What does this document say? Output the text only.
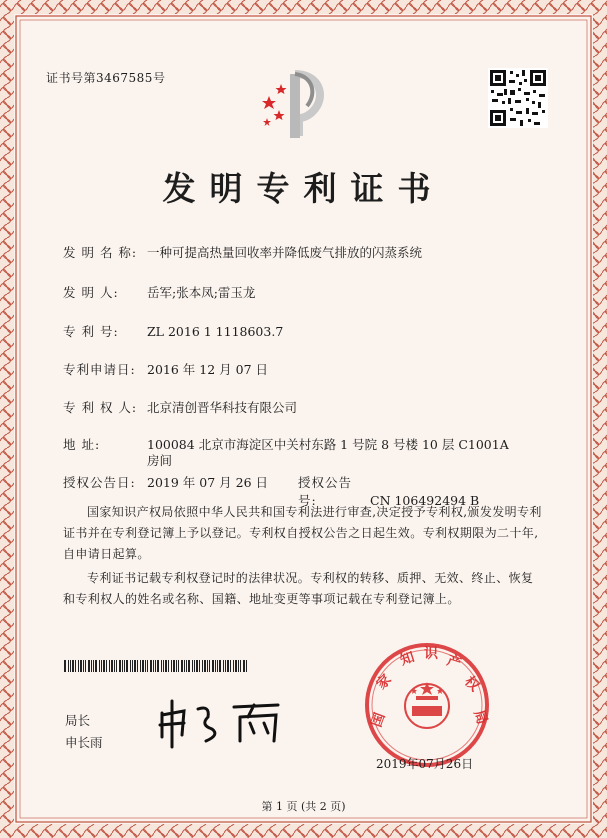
证书号第3467585号
发明专利证书
发 明 名 称: 一种可提高热量回收率并降低废气排放的闪蒸系统
发 明 人: 岳军;张本凤;雷玉龙
专 利 号: ZL 2016 1 1118603.7
专利申请日: 2016 年 12 月 07 日
专 利 权 人: 北京清创晋华科技有限公司
地 址:	100084 北京市海淀区中关村东路 1 号院 8 号楼 10 层 C1001A
房间
授权公告日: 2019 年 07 月 26 日 授权公告号:	CN 106492494 B
国家知识产权局依照中华人民共和国专利法进行审查,决定授予专利权,颁发发明专利证书并在专利登记簿上予以登记。专利权自授权公告之日起生效。专利权期限为二十年,自申请日起算。
专利证书记载专利权登记时的法律状况。专利权的转移、质押、无效、终止、恢复和专利权人的姓名或名称、国籍、地址变更等事项记载在专利登记簿上。
局长
申长雨
国
家
知 识 产
权
局
2019年07月26日
第 1 页 (共 2 页)
